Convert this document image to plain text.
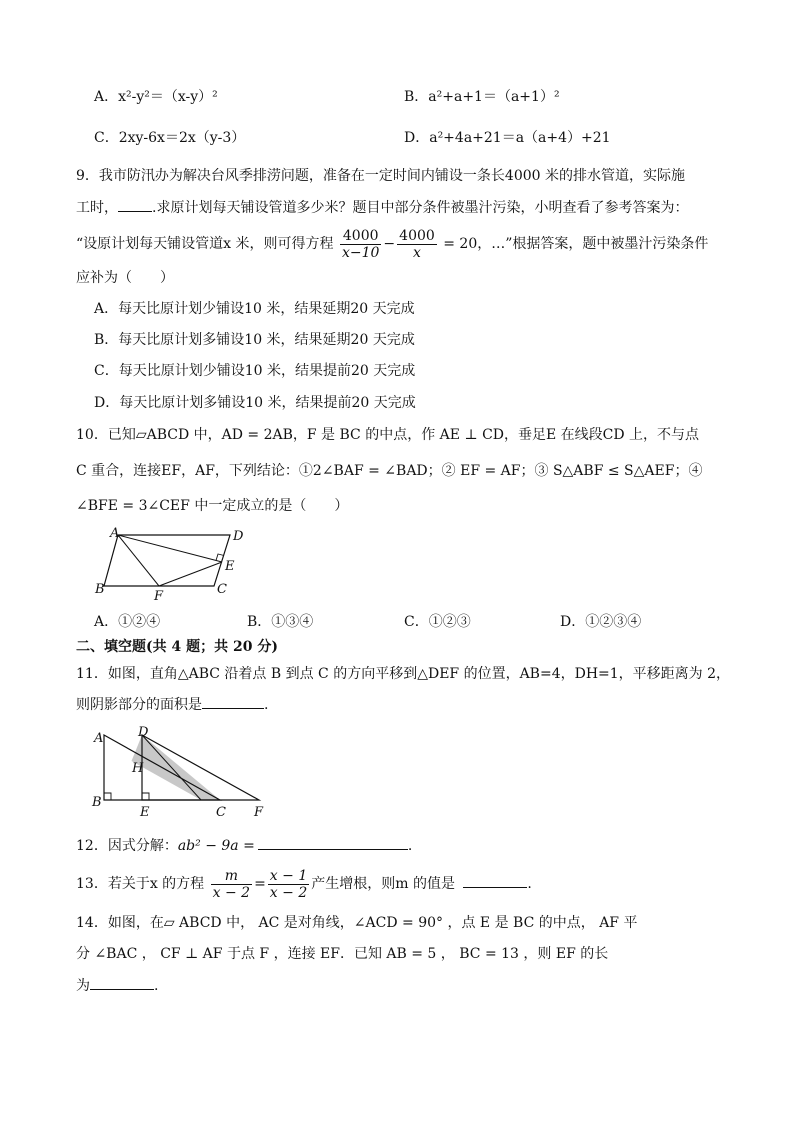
A．x²-y²＝（x-y）²	B．a²+a+1＝（a+1）²
C．2xy-6x＝2x（y-3）	D．a²+4a+21＝a（a+4）+21
9．我市防汛办为解决台风季排涝问题，准备在一定时间内铺设一条长4000 米的排水管道，实际施
工时， .求原计划每天铺设管道多少米？题目中部分条件被墨汁污染，小明查看了参考答案为：
“设原计划每天铺设管道x 米，则可得方程 $\frac{4000}{x-10} - \frac{4000}{x} = 20$，…”根据答案，题中被墨汁污染条件
应补为（　　）
A．每天比原计划少铺设10 米，结果延期20 天完成
B．每天比原计划多铺设10 米，结果延期20 天完成
C．每天比原计划少铺设10 米，结果提前20 天完成
D．每天比原计划多铺设10 米，结果提前20 天完成
10．已知▱ABCD 中，AD = 2AB，F 是 BC 的中点，作 AE ⊥ CD，垂足E 在线段CD 上，不与点
C 重合，连接EF，AF，下列结论：①2∠BAF = ∠BAD；② EF = AF；③ S△ABF ≤ S△AEF；④
∠BFE = 3∠CEF 中一定成立的是（　　）
A	D
E
B	C
F
A．①②④	B．①③④	C．①②③	D．①②③④
二、填空题(共 4 题；共 20 分)
11．如图，直角△ABC 沿着点 B 到点 C 的方向平移到△DEF 的位置，AB=4，DH=1，平移距离为 2，
则阴影部分的面积是	.
A	D
H
B
E	C F
12．因式分解：ab² − 9a =	.
13．若关于x 的方程 $\frac{m}{x - 2} = \frac{x - 1}{x - 2}$ 产生增根，则m 的值是	.
14．如图，在▱ ABCD 中， AC 是对角线，∠ACD = 90° ，点 E 是 BC 的中点， AF 平
分 ∠BAC ， CF ⊥ AF 于点 F ，连接 EF．已知 AB = 5 ， BC = 13 ，则 EF 的长
为	.
